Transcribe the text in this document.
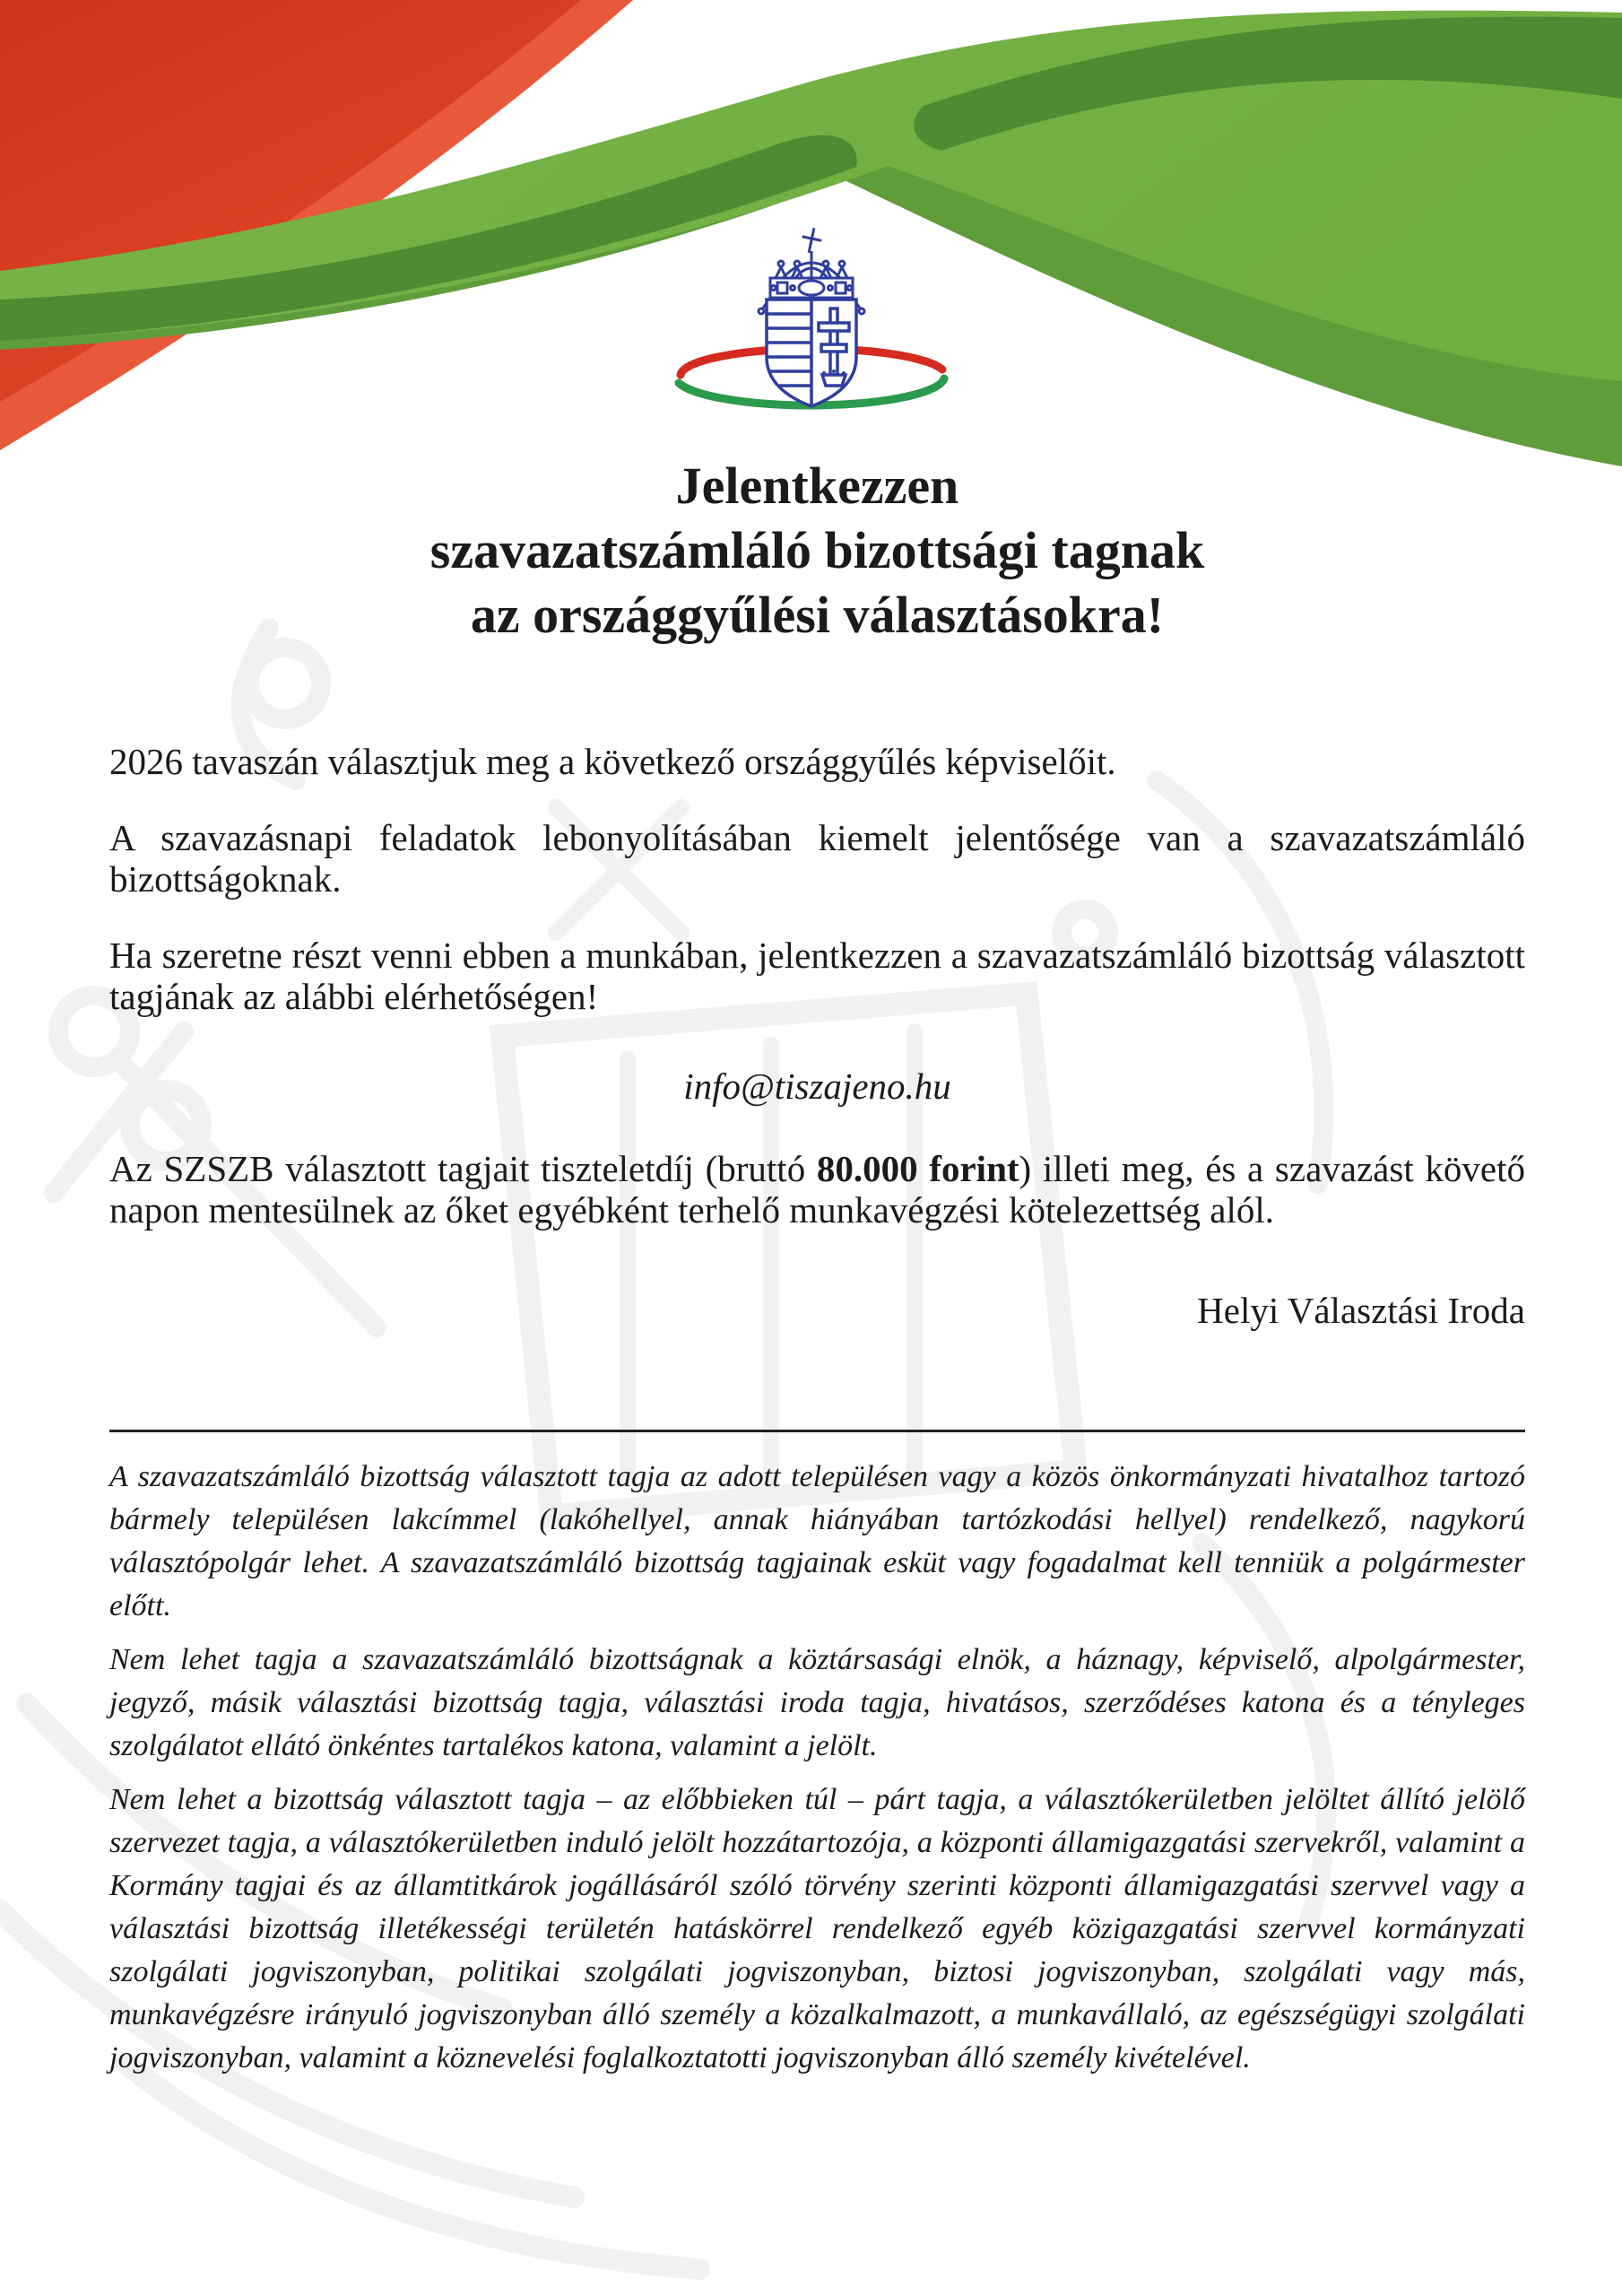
Jelentkezzen
szavazatszámláló bizottsági tagnak
az országgyűlési választásokra!

2026 tavaszán választjuk meg a következő országgyűlés képviselőit.

A szavazásnapi feladatok lebonyolításában kiemelt jelentősége van a szavazatszámláló bizottságoknak.

Ha szeretne részt venni ebben a munkában, jelentkezzen a szavazatszámláló bizottság választott tagjának az alábbi elérhetőségen!

info@tiszajeno.hu

Az SZSZB választott tagjait tiszteletdíj (bruttó 80.000 forint) illeti meg, és a szavazást követő napon mentesülnek az őket egyébként terhelő munkavégzési kötelezettség alól.

Helyi Választási Iroda

A szavazatszámláló bizottság választott tagja az adott településen vagy a közös önkormányzati hivatalhoz tartozó bármely településen lakcímmel (lakóhellyel, annak hiányában tartózkodási hellyel) rendelkező, nagykorú választópolgár lehet. A szavazatszámláló bizottság tagjainak esküt vagy fogadalmat kell tenniük a polgármester előtt.

Nem lehet tagja a szavazatszámláló bizottságnak a köztársasági elnök, a háznagy, képviselő, alpolgármester, jegyző, másik választási bizottság tagja, választási iroda tagja, hivatásos, szerződéses katona és a tényleges szolgálatot ellátó önkéntes tartalékos katona, valamint a jelölt.

Nem lehet a bizottság választott tagja – az előbbieken túl – párt tagja, a választókerületben jelöltet állító jelölő szervezet tagja, a választókerületben induló jelölt hozzátartozója, a központi államigazgatási szervekről, valamint a Kormány tagjai és az államtitkárok jogállásáról szóló törvény szerinti központi államigazgatási szervvel vagy a választási bizottság illetékességi területén hatáskörrel rendelkező egyéb közigazgatási szervvel kormányzati szolgálati jogviszonyban, politikai szolgálati jogviszonyban, biztosi jogviszonyban, szolgálati vagy más, munkavégzésre irányuló jogviszonyban álló személy a közalkalmazott, a munkavállaló, az egészségügyi szolgálati jogviszonyban, valamint a köznevelési foglalkoztatotti jogviszonyban álló személy kivételével.
